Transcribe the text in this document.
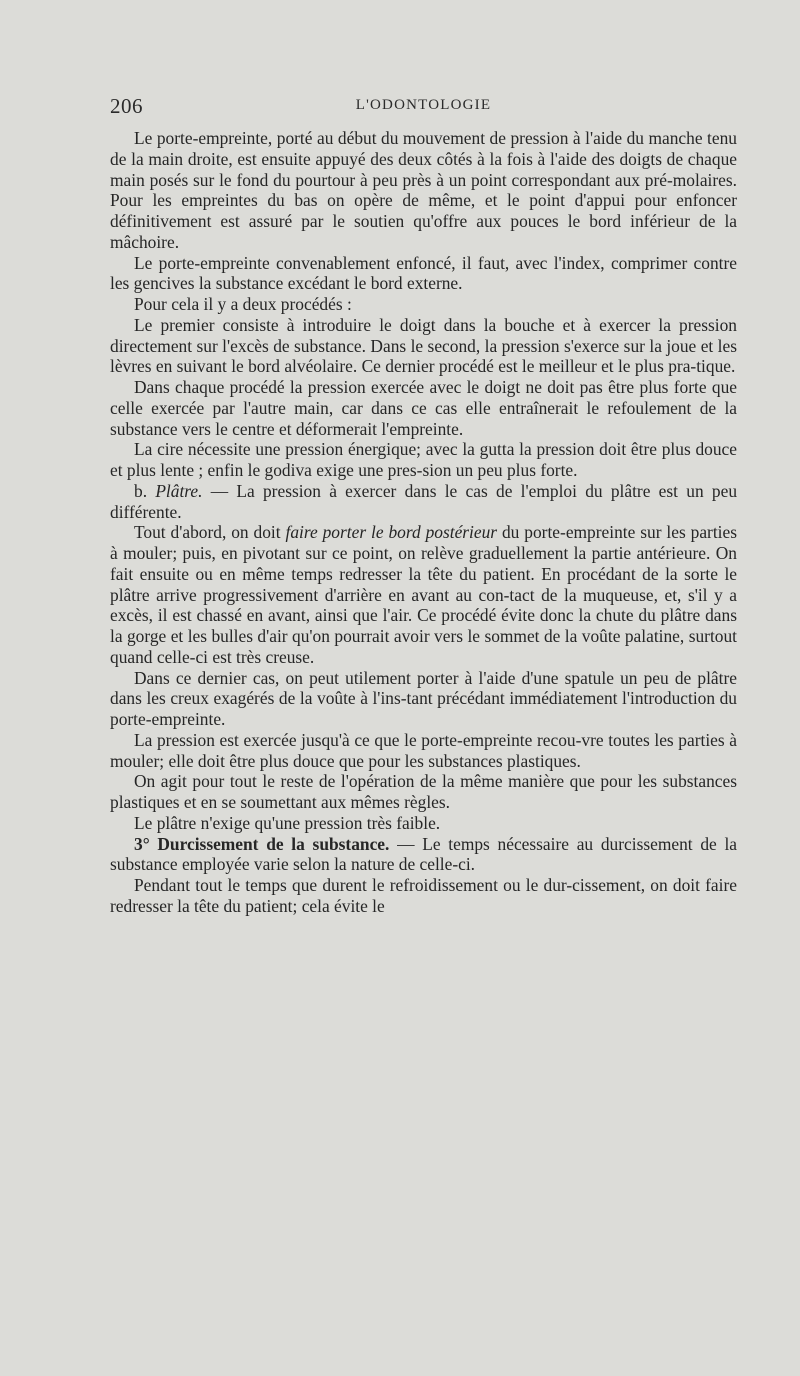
206	L'ODONTOLOGIE

Le porte-empreinte, porté au début du mouvement de pression à l'aide du manche tenu de la main droite, est ensuite appuyé des deux côtés à la fois à l'aide des doigts de chaque main posés sur le fond du pourtour à peu près à un point correspondant aux pré-molaires. Pour les empreintes du bas on opère de même, et le point d'appui pour enfoncer définitivement est assuré par le soutien qu'offre aux pouces le bord inférieur de la mâchoire.

Le porte-empreinte convenablement enfoncé, il faut, avec l'index, comprimer contre les gencives la substance excédant le bord externe.

Pour cela il y a deux procédés :

Le premier consiste à introduire le doigt dans la bouche et à exercer la pression directement sur l'excès de substance. Dans le second, la pression s'exerce sur la joue et les lèvres en suivant le bord alvéolaire. Ce dernier procédé est le meilleur et le plus pra-tique.

Dans chaque procédé la pression exercée avec le doigt ne doit pas être plus forte que celle exercée par l'autre main, car dans ce cas elle entraînerait le refoulement de la substance vers le centre et déformerait l'empreinte.

La cire nécessite une pression énergique; avec la gutta la pression doit être plus douce et plus lente ; enfin le godiva exige une pres-sion un peu plus forte.

b. Plâtre. — La pression à exercer dans le cas de l'emploi du plâtre est un peu différente.

Tout d'abord, on doit faire porter le bord postérieur du porte-empreinte sur les parties à mouler; puis, en pivotant sur ce point, on relève graduellement la partie antérieure. On fait ensuite ou en même temps redresser la tête du patient. En procédant de la sorte le plâtre arrive progressivement d'arrière en avant au con-tact de la muqueuse, et, s'il y a excès, il est chassé en avant, ainsi que l'air. Ce procédé évite donc la chute du plâtre dans la gorge et les bulles d'air qu'on pourrait avoir vers le sommet de la voûte palatine, surtout quand celle-ci est très creuse.

Dans ce dernier cas, on peut utilement porter à l'aide d'une spatule un peu de plâtre dans les creux exagérés de la voûte à l'ins-tant précédant immédiatement l'introduction du porte-empreinte.

La pression est exercée jusqu'à ce que le porte-empreinte recou-vre toutes les parties à mouler; elle doit être plus douce que pour les substances plastiques.

On agit pour tout le reste de l'opération de la même manière que pour les substances plastiques et en se soumettant aux mêmes règles.

Le plâtre n'exige qu'une pression très faible.

3° Durcissement de la substance. — Le temps nécessaire au durcissement de la substance employée varie selon la nature de celle-ci.

Pendant tout le temps que durent le refroidissement ou le dur-cissement, on doit faire redresser la tête du patient; cela évite le
